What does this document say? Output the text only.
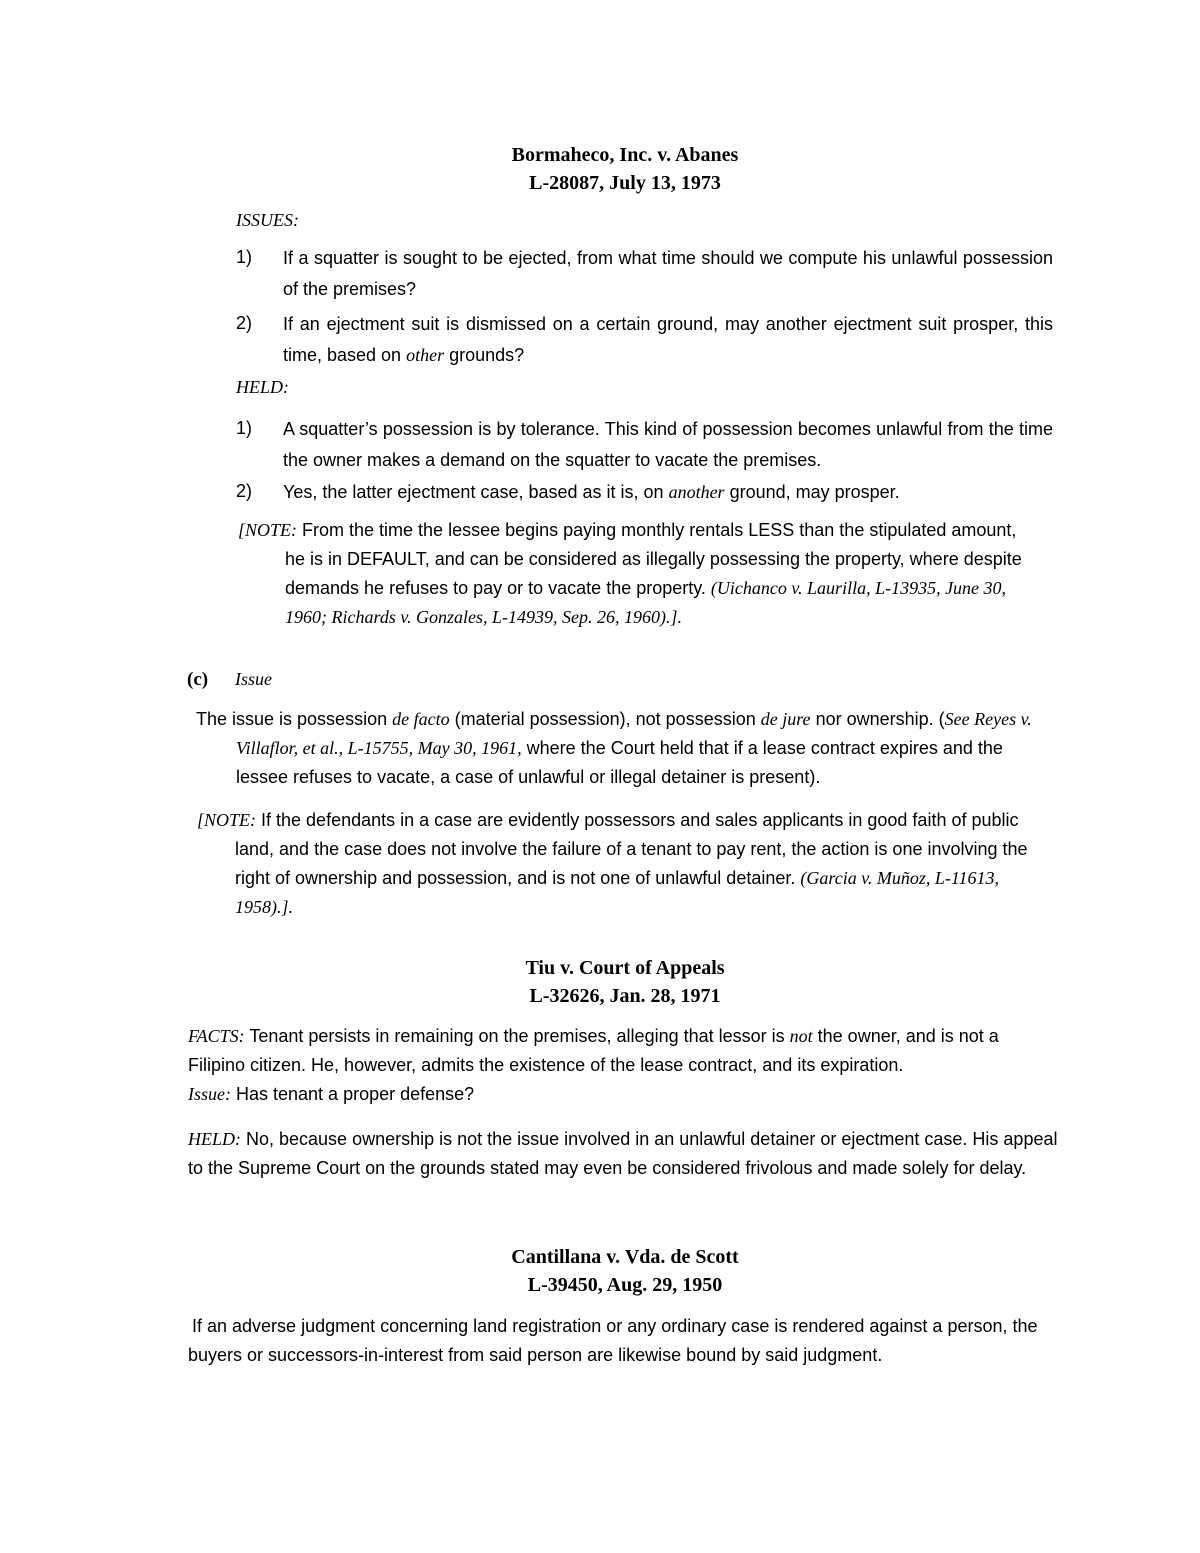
Bormaheco, Inc. v. Abanes
L-28087, July 13, 1973
ISSUES:
1) If a squatter is sought to be ejected, from what time should we compute his unlawful possession of the premises?
2) If an ejectment suit is dismissed on a certain ground, may another ejectment suit prosper, this time, based on other grounds?
HELD:
1) A squatter’s possession is by tolerance. This kind of possession becomes unlawful from the time the owner makes a demand on the squatter to vacate the premises.
2) Yes, the latter ejectment case, based as it is, on another ground, may prosper.
[NOTE: From the time the lessee begins paying monthly rentals LESS than the stipulated amount, he is in DEFAULT, and can be considered as illegally possessing the property, where despite demands he refuses to pay or to vacate the property. (Uichanco v. Laurilla, L-13935, June 30, 1960; Richards v. Gonzales, L-14939, Sep. 26, 1960).].
(c) Issue
The issue is possession de facto (material possession), not possession de jure nor ownership. (See Reyes v. Villaflor, et al., L-15755, May 30, 1961, where the Court held that if a lease contract expires and the lessee refuses to vacate, a case of unlawful or illegal detainer is present).
[NOTE: If the defendants in a case are evidently possessors and sales applicants in good faith of public land, and the case does not involve the failure of a tenant to pay rent, the action is one involving the right of ownership and possession, and is not one of unlawful detainer. (Garcia v. Muñoz, L-11613, 1958).].
Tiu v. Court of Appeals
L-32626, Jan. 28, 1971
FACTS: Tenant persists in remaining on the premises, alleging that lessor is not the owner, and is not a Filipino citizen. He, however, admits the existence of the lease contract, and its expiration.
Issue: Has tenant a proper defense?
HELD: No, because ownership is not the issue involved in an unlawful detainer or ejectment case. His appeal to the Supreme Court on the grounds stated may even be considered frivolous and made solely for delay.
Cantillana v. Vda. de Scott
L-39450, Aug. 29, 1950
If an adverse judgment concerning land registration or any ordinary case is rendered against a person, the buyers or successors-in-interest from said person are likewise bound by said judgment.
